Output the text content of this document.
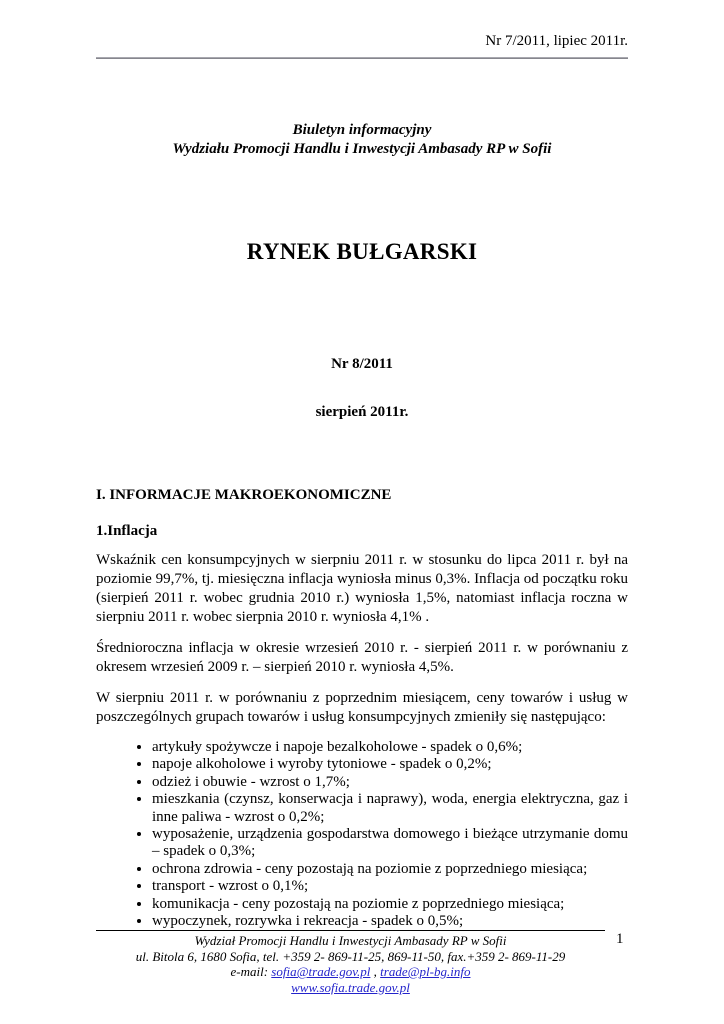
Nr 7/2011, lipiec 2011r.
Biuletyn informacyjny
Wydziału Promocji Handlu i Inwestycji Ambasady RP w Sofii
RYNEK BUŁGARSKI
Nr 8/2011
sierpień 2011r.
I. INFORMACJE MAKROEKONOMICZNE
1.Inflacja

Wskaźnik cen konsumpcyjnych w sierpniu 2011 r. w stosunku do lipca 2011 r. był na poziomie 99,7%, tj. miesięczna inflacja wyniosła minus 0,3%. Inflacja od początku roku (sierpień 2011 r. wobec grudnia 2010 r.) wyniosła 1,5%, natomiast inflacja roczna w sierpniu 2011 r. wobec sierpnia 2010 r. wyniosła 4,1% .

Średnioroczna inflacja w okresie wrzesień 2010 r. - sierpień 2011 r. w porównaniu z okresem wrzesień 2009 r. – sierpień 2010 r. wyniosła 4,5%.

W sierpniu 2011 r. w porównaniu z poprzednim miesiącem, ceny towarów i usług w poszczególnych grupach towarów i usług konsumpcyjnych zmieniły się następująco:

• artykuły spożywcze i napoje bezalkoholowe - spadek o 0,6%;
• napoje alkoholowe i wyroby tytoniowe - spadek o 0,2%;
• odzież i obuwie - wzrost o 1,7%;
• mieszkania (czynsz, konserwacja i naprawy), woda, energia elektryczna, gaz i inne paliwa - wzrost o 0,2%;
• wyposażenie, urządzenia gospodarstwa domowego i bieżące utrzymanie domu – spadek o 0,3%;
• ochrona zdrowia - ceny pozostają na poziomie z poprzedniego miesiąca;
• transport - wzrost o 0,1%;
• komunikacja - ceny pozostają na poziomie z poprzedniego miesiąca;
• wypoczynek, rozrywka i rekreacja - spadek o 0,5%;
1
Wydział Promocji Handlu i Inwestycji Ambasady RP w Sofii
ul. Bitola 6, 1680 Sofia, tel. +359 2- 869-11-25, 869-11-50, fax.+359 2- 869-11-29
e-mail: sofia@trade.gov.pl , trade@pl-bg.info
www.sofia.trade.gov.pl
